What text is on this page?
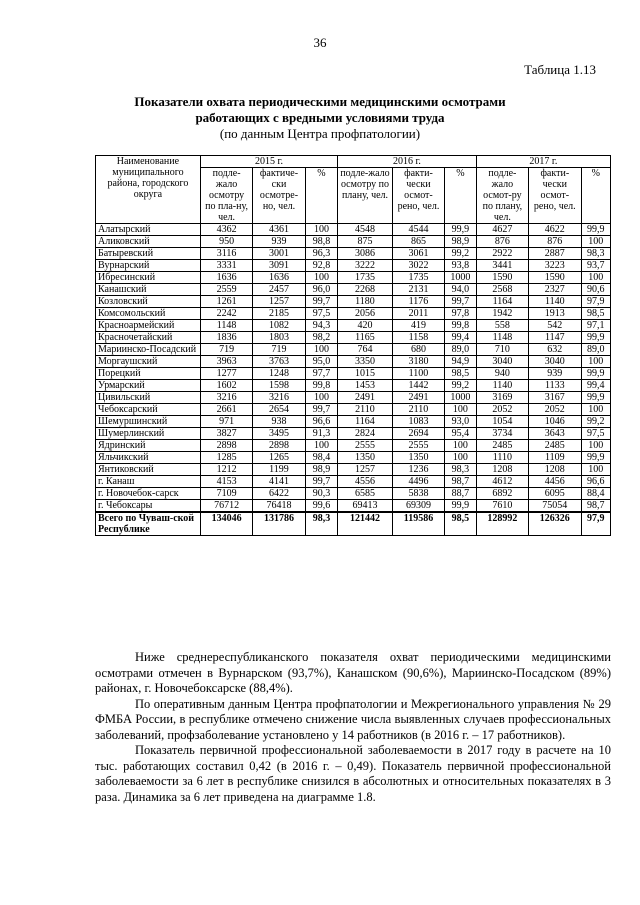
36
Таблица 1.13
Показатели охвата периодическими медицинскими осмотрами
работающих с вредными условиями труда
(по данным Центра профпатологии)
Наименование муниципального района, городского округа	2015 г.			2016 г.			2017 г.		
	подле-жало осмотру по пла-ну, чел.	фактиче-ски осмотре-но, чел.	%	подле-жало осмотру по плану, чел.	факти-чески осмот-рено, чел.	%	подле-жало осмот-ру по плану, чел.	факти-чески осмот-рено, чел.	%
Алатырский	4362	4361	100	4548	4544	99,9	4627	4622	99,9
Аликовский	950	939	98,8	875	865	98,9	876	876	100
Батыревский	3116	3001	96,3	3086	3061	99,2	2922	2887	98,3
Вурнарский	3331	3091	92,8	3222	3022	93,8	3441	3223	93,7
Ибресинский	1636	1636	100	1735	1735	1000	1590	1590	100
Канашский	2559	2457	96,0	2268	2131	94,0	2568	2327	90,6
Козловский	1261	1257	99,7	1180	1176	99,7	1164	1140	97,9
Комсомольский	2242	2185	97,5	2056	2011	97,8	1942	1913	98,5
Красноармейский	1148	1082	94,3	420	419	99,8	558	542	97,1
Красночетайский	1836	1803	98,2	1165	1158	99,4	1148	1147	99,9
Мариинско-Посадский	719	719	100	764	680	89,0	710	632	89,0
Моргаушский	3963	3763	95,0	3350	3180	94,9	3040	3040	100
Порецкий	1277	1248	97,7	1015	1100	98,5	940	939	99,9
Урмарский	1602	1598	99,8	1453	1442	99,2	1140	1133	99,4
Цивильский	3216	3216	100	2491	2491	1000	3169	3167	99,9
Чебоксарский	2661	2654	99,7	2110	2110	100	2052	2052	100
Шемуршинский	971	938	96,6	1164	1083	93,0	1054	1046	99,2
Шумерлинский	3827	3495	91,3	2824	2694	95,4	3734	3643	97,5
Ядринский	2898	2898	100	2555	2555	100	2485	2485	100
Яльчикский	1285	1265	98,4	1350	1350	100	1110	1109	99,9
Янтиковский	1212	1199	98,9	1257	1236	98,3	1208	1208	100
г. Канаш	4153	4141	99,7	4556	4496	98,7	4612	4456	96,6
г. Новочебок-сарск	7109	6422	90,3	6585	5838	88,7	6892	6095	88,4
г. Чебоксары	76712	76418	99,6	69413	69309	99,9	7610	75054	98,7
Всего по Чуваш-ской Республике	134046	131786	98,3	121442	119586	98,5	128992	126326	97,9

Ниже среднереспубликанского показателя охват периодическими медицинскими осмотрами отмечен в Вурнарском (93,7%), Канашском (90,6%), Мариинско-Посадском (89%) районах, г. Новочебоксарске (88,4%).

По оперативным данным Центра профпатологии и Межрегионального управления № 29 ФМБА России, в республике отмечено снижение числа выявленных случаев профессиональных заболеваний, профзаболевание установлено у 14 работников (в 2016 г. – 17 работников).

Показатель первичной профессиональной заболеваемости в 2017 году в расчете на 10 тыс. работающих составил 0,42 (в 2016 г. – 0,49). Показатель первичной профессиональной заболеваемости за 6 лет в республике снизился в абсолютных и относительных показателях в 3 раза. Динамика за 6 лет приведена на диаграмме 1.8.
